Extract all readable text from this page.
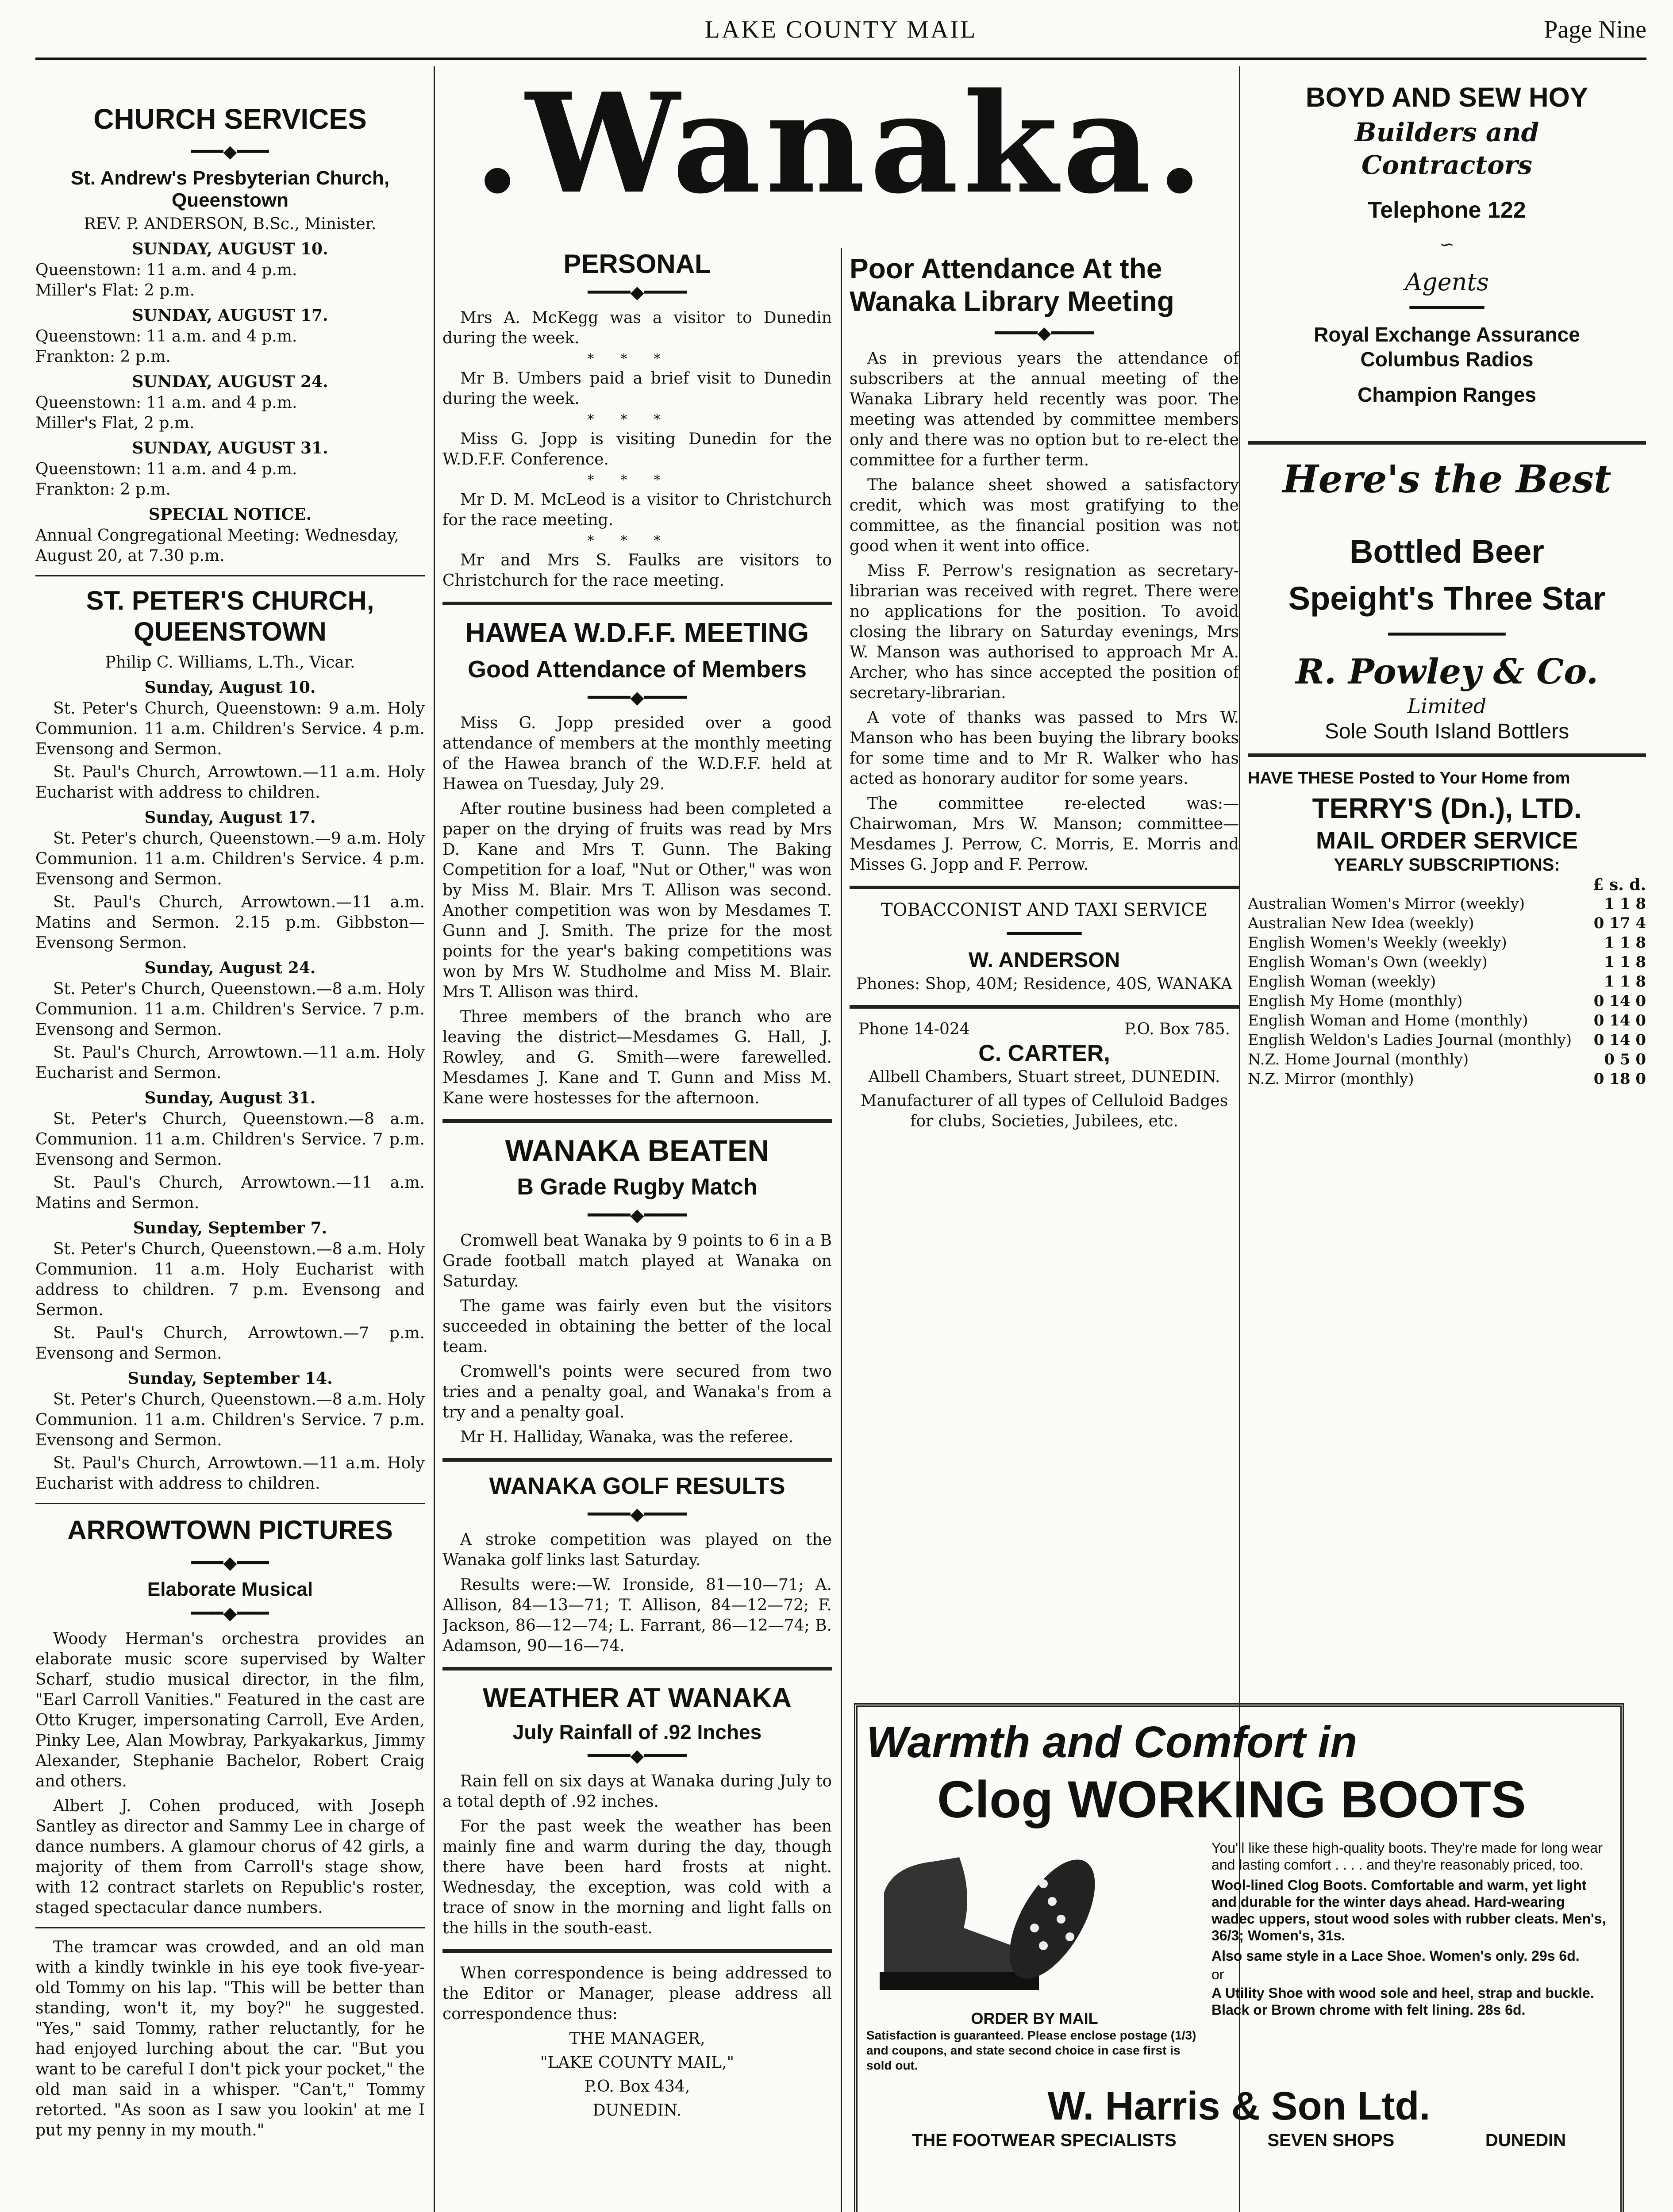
LAKE COUNTY MAIL	Page Nine
CHURCH SERVICES
━━━◆━━━
St. Andrew's Presbyterian Church, Queenstown

REV. P. ANDERSON, B.Sc., Minister.

SUNDAY, AUGUST 10.
Queenstown: 11 a.m. and 4 p.m.
Miller's Flat: 2 p.m.
SUNDAY, AUGUST 17.
Queenstown: 11 a.m. and 4 p.m.
Frankton: 2 p.m.
SUNDAY, AUGUST 24.
Queenstown: 11 a.m. and 4 p.m.
Miller's Flat, 2 p.m.
SUNDAY, AUGUST 31.
Queenstown: 11 a.m. and 4 p.m.
Frankton: 2 p.m.
SPECIAL NOTICE.
Annual Congregational Meeting: Wednesday, August 20, at 7.30 p.m.
ST. PETER'S CHURCH, QUEENSTOWN

Philip C. Williams, L.Th., Vicar.

Sunday, August 10.
St. Peter's Church, Queenstown: 9 a.m. Holy Communion. 11 a.m. Children's Service. 4 p.m. Evensong and Sermon.
St. Paul's Church, Arrowtown.—11 a.m. Holy Eucharist with address to children.
Sunday, August 17.
St. Peter's church, Queenstown.—9 a.m. Holy Communion. 11 a.m. Children's Service. 4 p.m. Evensong and Sermon.
St. Paul's Church, Arrowtown.—11 a.m. Matins and Sermon. 2.15 p.m. Gibbston—Evensong Sermon.
Sunday, August 24.
St. Peter's Church, Queenstown.—8 a.m. Holy Communion. 11 a.m. Children's Service. 7 p.m. Evensong and Sermon.
St. Paul's Church, Arrowtown.—11 a.m. Holy Eucharist and Sermon.
Sunday, August 31.
St. Peter's Church, Queenstown.—8 a.m. Communion. 11 a.m. Children's Service. 7 p.m. Evensong and Sermon.
St. Paul's Church, Arrowtown.—11 a.m. Matins and Sermon.
Sunday, September 7.
St. Peter's Church, Queenstown.—8 a.m. Holy Communion. 11 a.m. Holy Eucharist with address to children. 7 p.m. Evensong and Sermon.
St. Paul's Church, Arrowtown.—7 p.m. Evensong and Sermon.
Sunday, September 14.
St. Peter's Church, Queenstown.—8 a.m. Holy Communion. 11 a.m. Children's Service. 7 p.m. Evensong and Sermon.
St. Paul's Church, Arrowtown.—11 a.m. Holy Eucharist with address to children.
ARROWTOWN PICTURES
━━━◆━━━
Elaborate Musical
━━━◆━━━

Woody Herman's orchestra provides an elaborate music score supervised by Walter Scharf, studio musical director, in the film, "Earl Carroll Vanities." Featured in the cast are Otto Kruger, impersonating Carroll, Eve Arden, Pinky Lee, Alan Mowbray, Parkyakarkus, Jimmy Alexander, Stephanie Bachelor, Robert Craig and others.

Albert J. Cohen produced, with Joseph Santley as director and Sammy Lee in charge of dance numbers. A glamour chorus of 42 girls, a majority of them from Carroll's stage show, with 12 contract starlets on Republic's roster, staged spectacular dance numbers.

The tramcar was crowded, and an old man with a kindly twinkle in his eye took five-year-old Tommy on his lap. "This will be better than standing, won't it, my boy?" he suggested. "Yes," said Tommy, rather reluctantly, for he had enjoyed lurching about the car. "But you want to be careful I don't pick your pocket," the old man said in a whisper. "Can't," Tommy retorted. "As soon as I saw you lookin' at me I put my penny in my mouth."

.Wanaka.
PERSONAL
━━━━◆━━━━
Mrs A. McKegg was a visitor to Dunedin during the week.
***
Mr B. Umbers paid a brief visit to Dunedin during the week.
***
Miss G. Jopp is visiting Dunedin for the W.D.F.F. Conference.
***
Mr D. M. McLeod is a visitor to Christchurch for the race meeting.
***
Mr and Mrs S. Faulks are visitors to Christchurch for the race meeting.
HAWEA W.D.F.F. MEETING
Good Attendance of Members
━━━━◆━━━━

Miss G. Jopp presided over a good attendance of members at the monthly meeting of the Hawea branch of the W.D.F.F. held at Hawea on Tuesday, July 29.

After routine business had been completed a paper on the drying of fruits was read by Mrs D. Kane and Mrs T. Gunn. The Baking Competition for a loaf, "Nut or Other," was won by Miss M. Blair. Mrs T. Allison was second. Another competition was won by Mesdames T. Gunn and J. Smith. The prize for the most points for the year's baking competitions was won by Mrs W. Studholme and Miss M. Blair. Mrs T. Allison was third.

Three members of the branch who are leaving the district—Mesdames G. Hall, J. Rowley, and G. Smith—were farewelled. Mesdames J. Kane and T. Gunn and Miss M. Kane were hostesses for the afternoon.

WANAKA BEATEN
B Grade Rugby Match
━━━━◆━━━━

Cromwell beat Wanaka by 9 points to 6 in a B Grade football match played at Wanaka on Saturday.

The game was fairly even but the visitors succeeded in obtaining the better of the local team.

Cromwell's points were secured from two tries and a penalty goal, and Wanaka's from a try and a penalty goal.

Mr H. Halliday, Wanaka, was the referee.

WANAKA GOLF RESULTS
━━━━◆━━━━

A stroke competition was played on the Wanaka golf links last Saturday.

Results were:—W. Ironside, 81—10—71; A. Allison, 84—13—71; T. Allison, 84—12—72; F. Jackson, 86—12—74; L. Farrant, 86—12—74; B. Adamson, 90—16—74.

WEATHER AT WANAKA
July Rainfall of .92 Inches
━━━━◆━━━━

Rain fell on six days at Wanaka during July to a total depth of .92 inches.

For the past week the weather has been mainly fine and warm during the day, though there have been hard frosts at night. Wednesday, the exception, was cold with a trace of snow in the morning and light falls on the hills in the south-east.

When correspondence is being addressed to the Editor or Manager, please address all correspondence thus:

THE MANAGER,

"LAKE COUNTY MAIL,"

P.O. Box 434,

DUNEDIN.

Poor Attendance At the Wanaka Library Meeting
━━━━◆━━━━

As in previous years the attendance of subscribers at the annual meeting of the Wanaka Library held recently was poor. The meeting was attended by committee members only and there was no option but to re-elect the committee for a further term.

The balance sheet showed a satisfactory credit, which was most gratifying to the committee, as the financial position was not good when it went into office.

Miss F. Perrow's resignation as secretary-librarian was received with regret. There were no applications for the position. To avoid closing the library on Saturday evenings, Mrs W. Manson was authorised to approach Mr A. Archer, who has since accepted the position of secretary-librarian.

A vote of thanks was passed to Mrs W. Manson who has been buying the library books for some time and to Mr R. Walker who has acted as honorary auditor for some years.

The committee re-elected was:—Chairwoman, Mrs W. Manson; committee—Mesdames J. Perrow, C. Morris, E. Morris and Misses G. Jopp and F. Perrow.

TOBACCONIST AND TAXI SERVICE

━━━━━━━
W. ANDERSON

Phones: Shop, 40M; Residence, 40S, WANAKA

Phone 14-024	P.O. Box 785.
C. CARTER,

Allbell Chambers, Stuart street, DUNEDIN.

Manufacturer of all types of Celluloid Badges for clubs, Societies, Jubilees, etc.

Warmth and Comfort in
Clog WORKING BOOTS
ORDER BY MAIL
Satisfaction is guaranteed. Please enclose postage (1/3) and coupons, and state second choice in case first is sold out.
You'll like these high-quality boots. They're made for long wear and lasting comfort . . . . and they're reasonably priced, too.
Wool-lined Clog Boots. Comfortable and warm, yet light and durable for the winter days ahead. Hard-wearing wadec uppers, stout wood soles with rubber cleats. Men's, 36/3; Women's, 31s.
Also same style in a Lace Shoe. Women's only. 29s 6d.
or
A Utility Shoe with wood sole and heel, strap and buckle. Black or Brown chrome with felt lining. 28s 6d.
W. Harris & Son Ltd.
THE FOOTWEAR SPECIALISTS	SEVEN SHOPS	DUNEDIN
BOYD AND SEW HOY
Builders and
Contractors
Telephone 122
∽
Agents
━━━━━━━
Royal Exchange Assurance
Columbus Radios
Champion Ranges
Here's the Best
Bottled Beer
Speight's Three Star
━━━━━━━━━━━
R. Powley & Co.
Limited
Sole South Island Bottlers
HAVE THESE Posted to Your Home from
TERRY'S (Dn.), LTD.
MAIL ORDER SERVICE
YEARLY SUBSCRIPTIONS:
£ s. d.
Australian Women's Mirror (weekly)	1 1 8
Australian New Idea (weekly)	0 17 4
English Women's Weekly (weekly)	1 1 8
English Woman's Own (weekly)	1 1 8
English Woman (weekly)	1 1 8
English My Home (monthly)	0 14 0
English Woman and Home (monthly)	0 14 0
English Weldon's Ladies Journal (monthly)	0 14 0
N.Z. Home Journal (monthly)	0 5 0
N.Z. Mirror (monthly)	0 18 0
